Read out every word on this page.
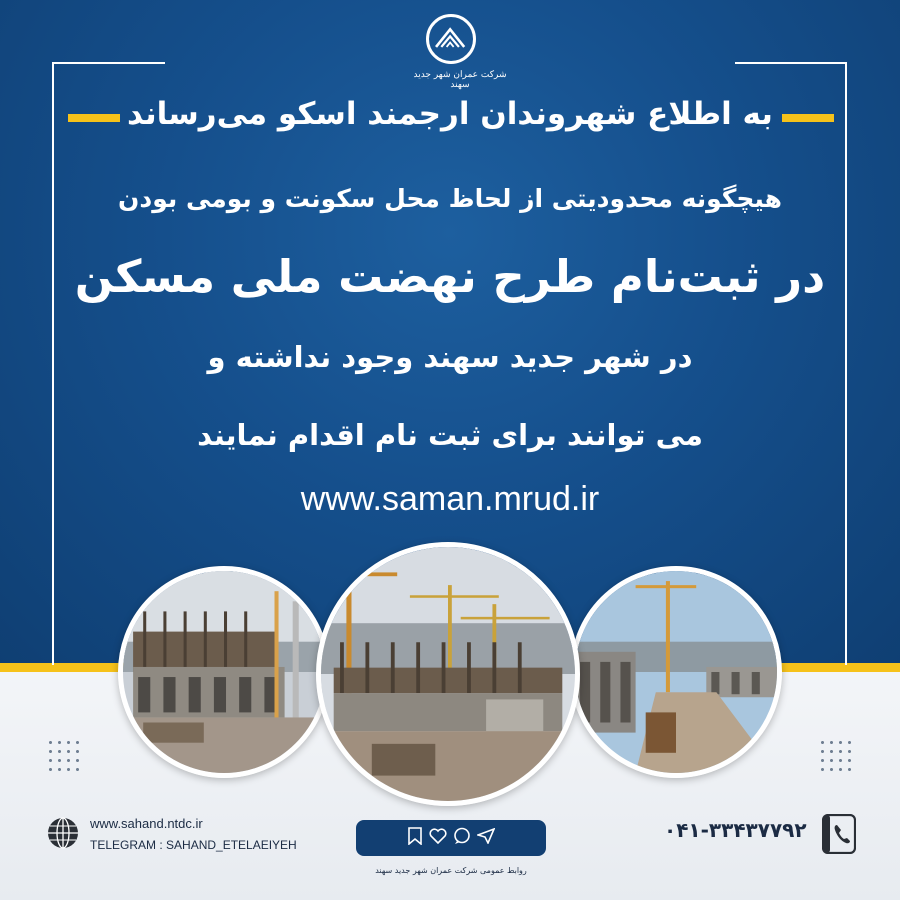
شرکت عمران شهر جدید سهند
به اطلاع شهروندان ارجمند اسکو می‌رساند
هیچگونه محدودیتی از لحاظ محل سکونت و بومی بودن
در ثبت‌نام طرح نهضت ملی مسکن
در شهر جدید سهند وجود نداشته و
می توانند برای ثبت نام اقدام نمایند
www.saman.mrud.ir
www.sahand.ntdc.ir
TELEGRAM : SAHAND_ETELAEIYEH
روابط عمومی شرکت عمران شهر جدید سهند
۰۴۱-۳۳۴۳۷۷۹۲
